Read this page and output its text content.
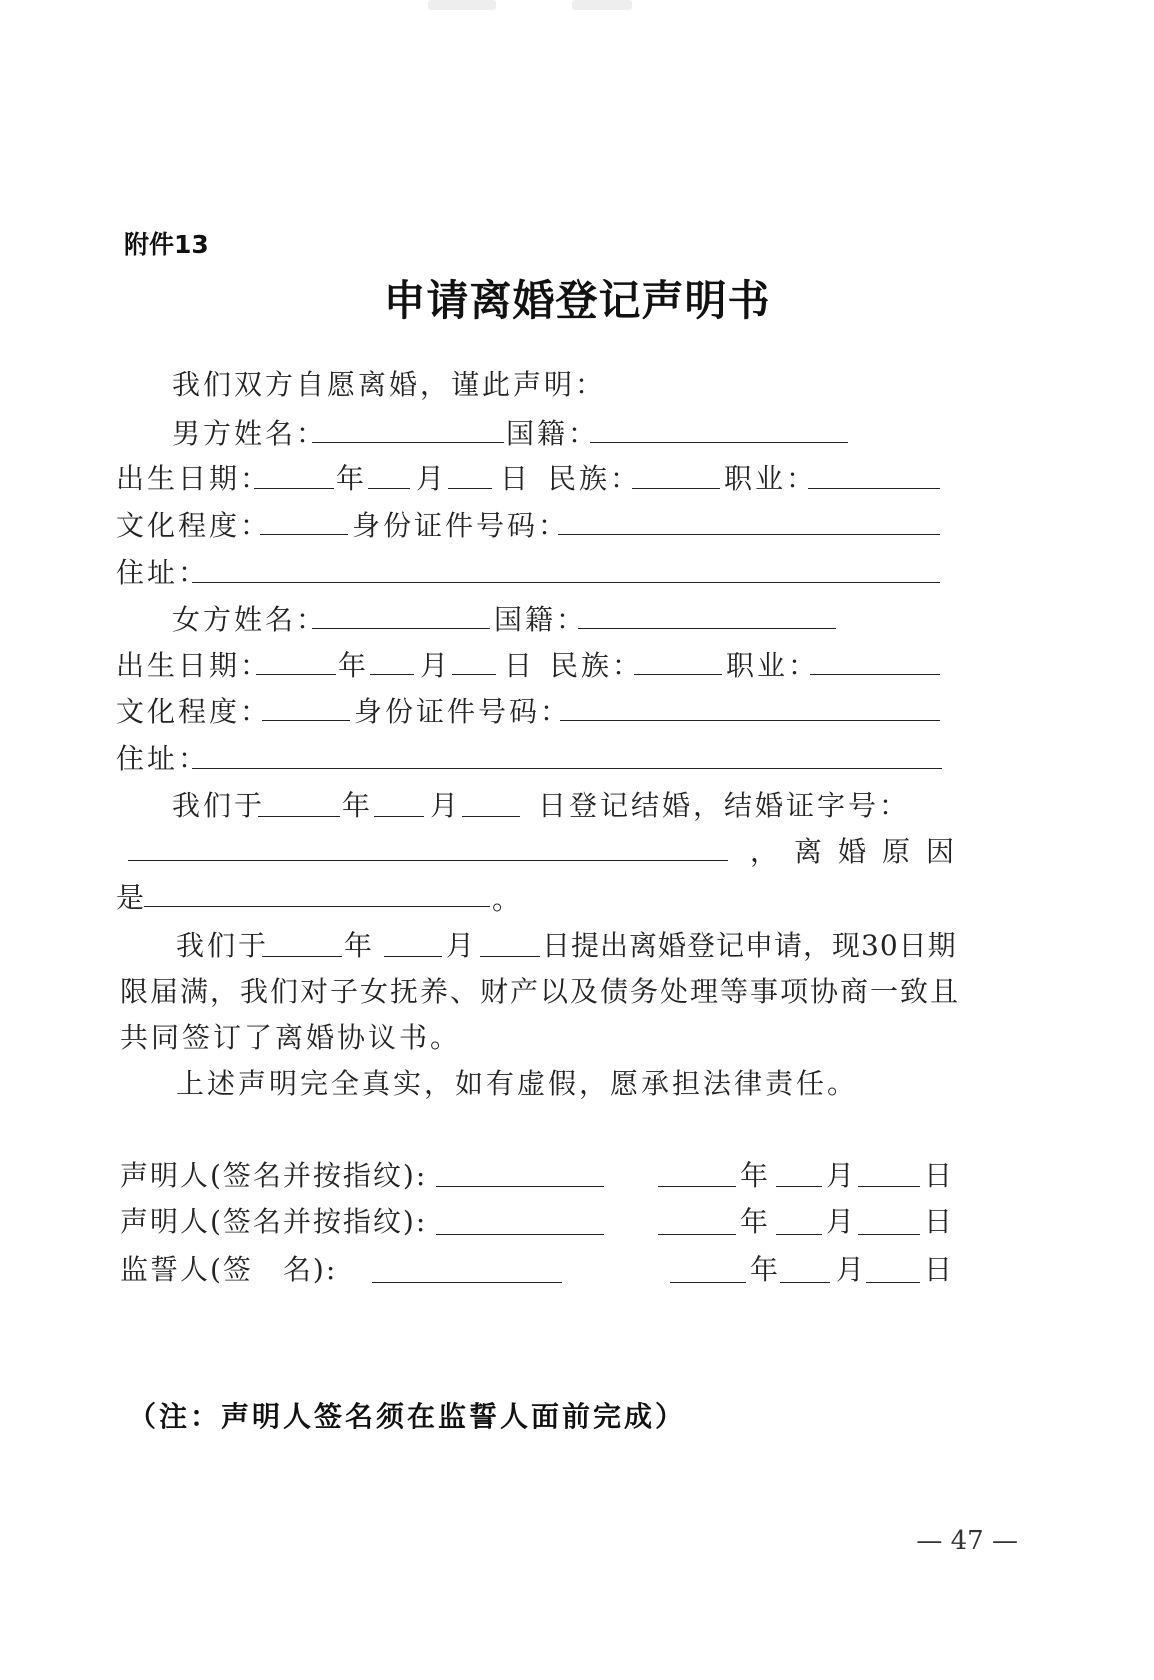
附件13
申请离婚登记声明书
我们双方自愿离婚，谨此声明：
男方姓名：	国籍：
出生日期： 年 月 日 民族：	职业：
文化程度：	身份证件号码：
住址：
女方姓名：	国籍：
出生日期： 年 月 日 民族：	职业：
文化程度：	身份证件号码：
住址：
我们于	年 月	日登记结婚，结婚证字号：
，离婚原因
是	。
我们于	年	月 日提出离婚登记申请，现30日期
限届满，我们对子女抚养、财产以及债务处理等事项协商一致且
共同签订了离婚协议书。
上述声明完全真实，如有虚假，愿承担法律责任。
声明人(签名并按指纹):	年 月 日
声明人(签名并按指纹):	年 月 日
监誓人(签　名):	年 月 日
（注：声明人签名须在监誓人面前完成）
— 47 —
